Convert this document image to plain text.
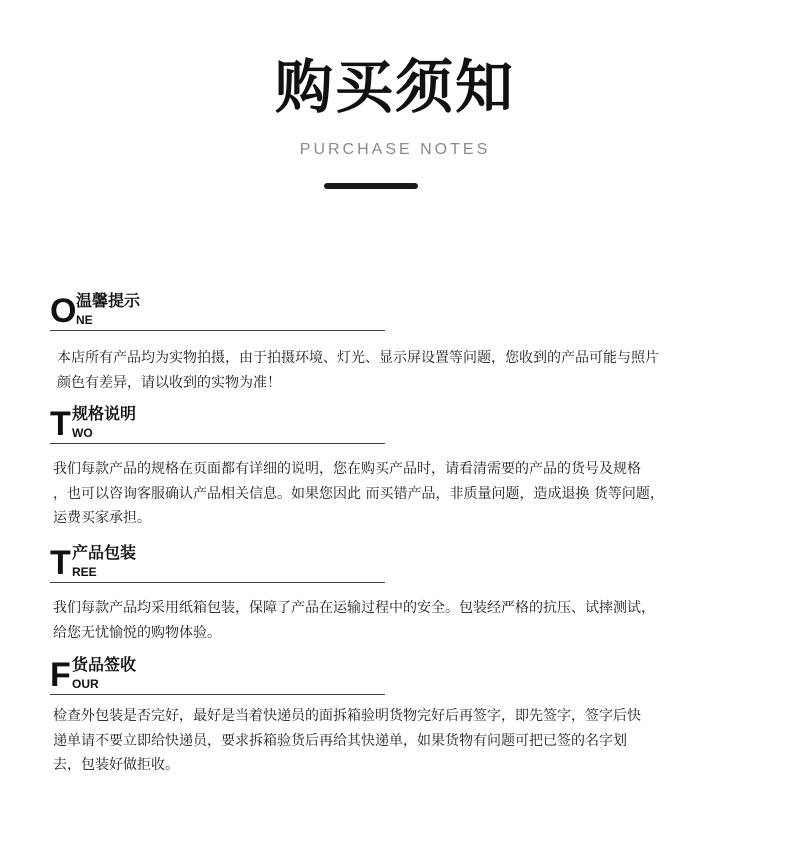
购买须知
PURCHASE NOTES
O 温馨提示
NE

本店所有产品均为实物拍摄，由于拍摄环境、灯光、显示屏设置等问题，您收到的产品可能与照片

颜色有差异，请以收到的实物为准！

T 规格说明
WO

我们每款产品的规格在页面都有详细的说明，您在购买产品时，请看清需要的产品的货号及规格

，也可以咨询客服确认产品相关信息。如果您因此 而买错产品，非质量问题，造成退换 货等问题，

运费买家承担。

T 产品包装
REE

我们每款产品均采用纸箱包装，保障了产品在运输过程中的安全。包装经严格的抗压、试摔测试，

给您无忧愉悦的购物体验。

F 货品签收
OUR

检查外包装是否完好，最好是当着快递员的面拆箱验明货物完好后再签字，即先签字，签字后快

递单请不要立即给快递员，要求拆箱验货后再给其快递单，如果货物有问题可把已签的名字划

去，包装好做拒收。
